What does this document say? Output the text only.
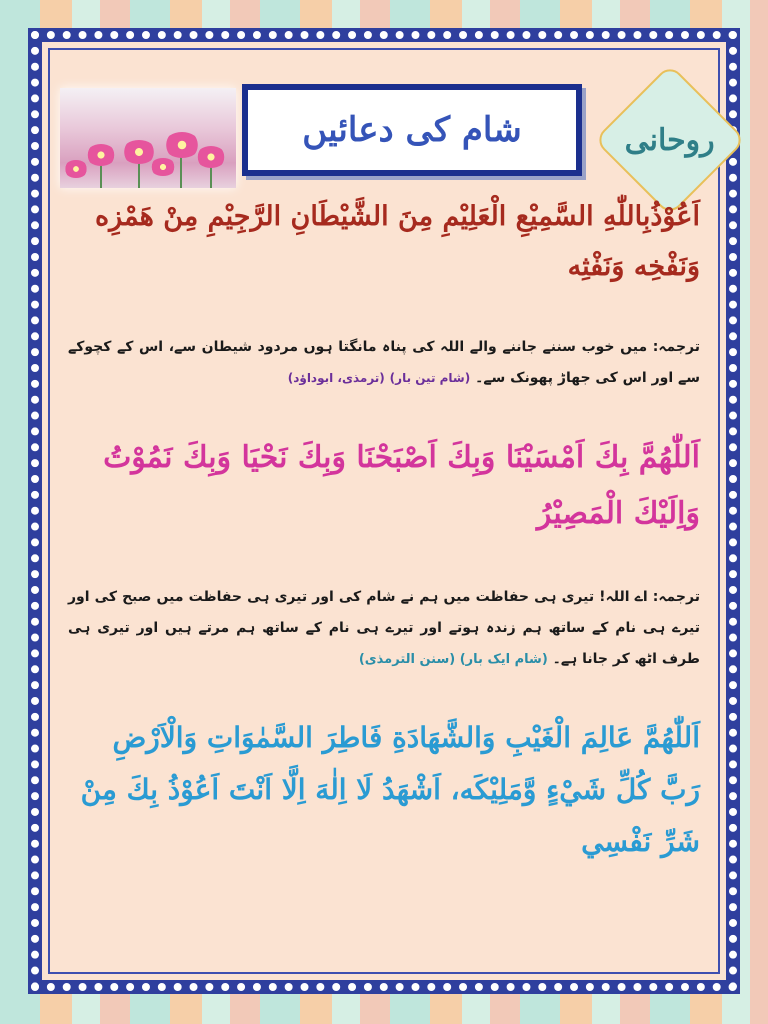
شام کی دعائیں	روحانی
اَعُوْذُبِاللّٰهِ السَّمِيْعِ الْعَلِيْمِ مِنَ الشَّيْطَانِ الرَّجِيْمِ مِنْ هَمْزِه وَنَفْخِه وَنَفْثِه
ترجمہ: میں خوب سننے جاننے والے اللہ کی پناہ مانگتا ہوں مردود شیطان سے، اس کے کچوکے سے اور اس کی جھاڑ پھونک سے۔ (شام تین بار) (ترمذی، ابوداؤد)
اَللّٰهُمَّ بِكَ اَمْسَيْنَا وَبِكَ اَصْبَحْنَا وَبِكَ نَحْيَا وَبِكَ نَمُوْتُ وَاِلَيْكَ الْمَصِيْرُ
ترجمہ: اے اللہ! تیری ہی حفاظت میں ہم نے شام کی اور تیری ہی حفاظت میں صبح کی اور تیرے ہی نام کے ساتھ ہم زندہ ہوتے اور تیرے ہی نام کے ساتھ ہم مرتے ہیں اور تیری ہی طرف اٹھ کر جانا ہے۔ (شام ایک بار) (سنن الترمذی)
اَللّٰهُمَّ عَالِمَ الْغَيْبِ وَالشَّهَادَةِ فَاطِرَ السَّمٰوَاتِ وَالْاَرْضِ رَبَّ كُلِّ شَيْءٍ وَّمَلِيْكَه، اَشْهَدُ لَا اِلٰهَ اِلَّا اَنْتَ اَعُوْذُ بِكَ مِنْ شَرِّ نَفْسِي
